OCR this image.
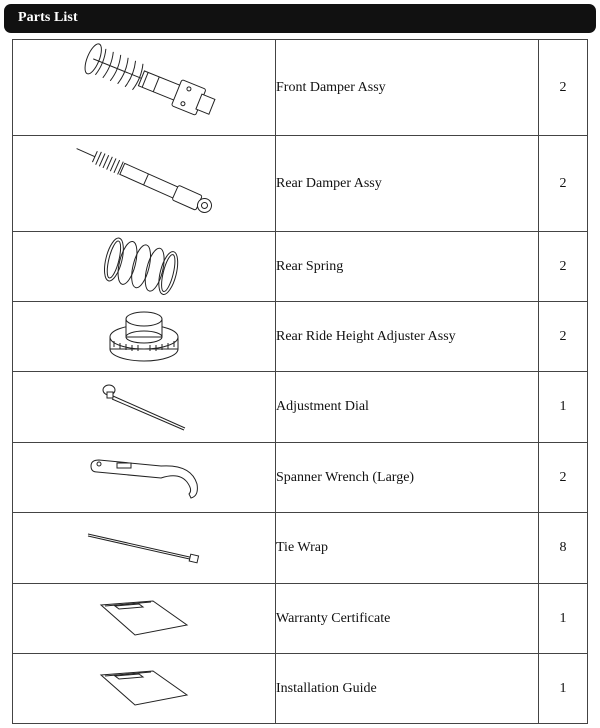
Parts List
	Front Damper Assy	2

	Rear Damper Assy	2

	Rear Spring	2

	Rear Ride Height Adjuster Assy	2

	Adjustment Dial	1

	Spanner Wrench (Large)	2

	Tie Wrap	8

	Warranty Certificate	1

	Installation Guide	1
